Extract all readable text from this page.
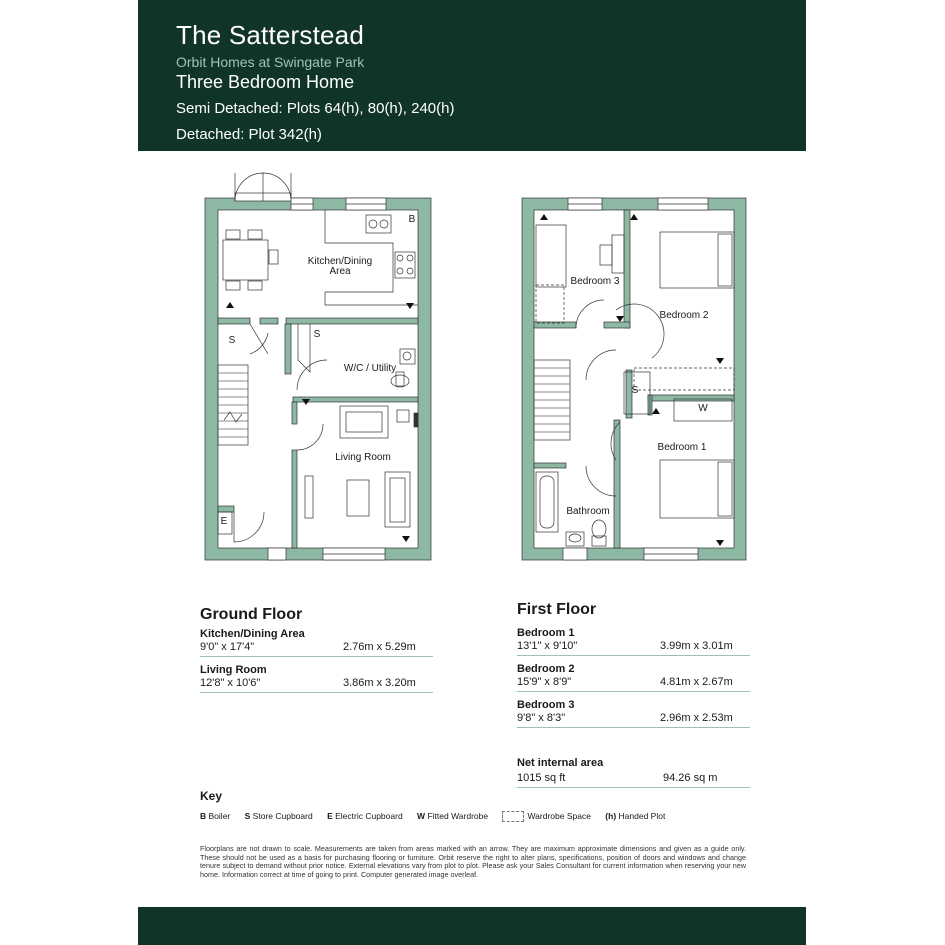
The Satterstead
Orbit Homes at Swingate Park
Three Bedroom Home
Semi Detached: Plots 64(h), 80(h), 240(h)
Detached: Plot 342(h)
Kitchen/Dining
Area
W/C / Utility
Living Room
S
S
B
E
Bedroom 3
Bedroom 2
Bedroom 1
Bathroom
S
W
Ground Floor
Kitchen/Dining Area
9'0" x 17'4"	2.76m x 5.29m
Living Room
12'8" x 10'6"	3.86m x 3.20m
First Floor
Bedroom 1
13'1" x 9'10"	3.99m x 3.01m
Bedroom 2
15'9" x 8'9"	4.81m x 2.67m
Bedroom 3
9'8" x 8'3"	2.96m x 2.53m
Net internal area
1015 sq ft	94.26 sq m
Key
B Boiler S Store Cupboard E Electric Cupboard W Fitted Wardrobe	Wardrobe Space (h) Handed Plot
Floorplans are not drawn to scale. Measurements are taken from areas marked with an arrow. They are maximum approximate dimensions and given as a guide only. These should not be used as a basis for purchasing flooring or furniture. Orbit reserve the right to alter plans, specifications, position of doors and windows and change tenure subject to demand without prior notice. External elevations vary from plot to plot. Please ask your Sales Consultant for current information when reserving your new home. Information correct at time of going to print. Computer generated image overleaf.
